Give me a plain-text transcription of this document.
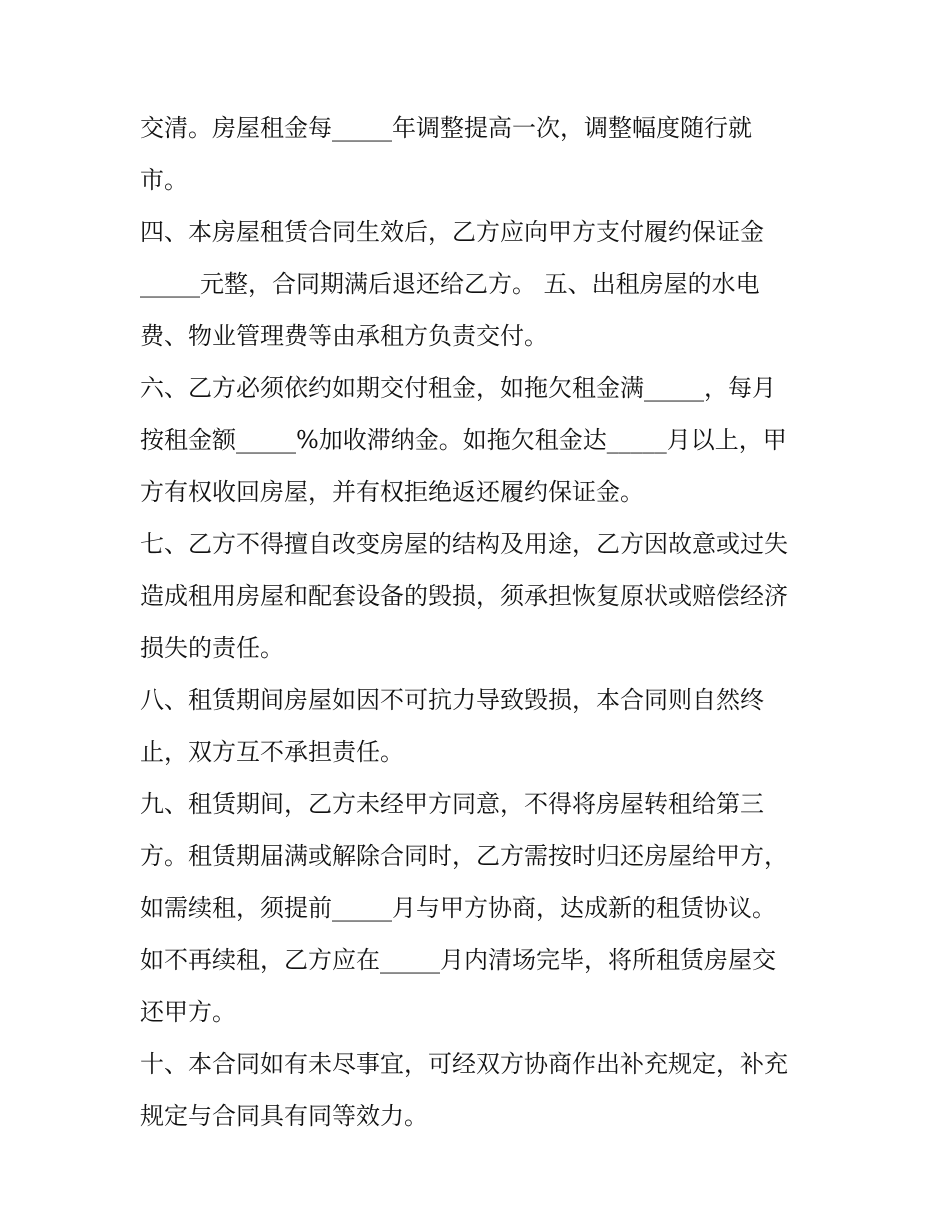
交清。房屋租金每_____年调整提高一次，调整幅度随行就
市。
四、本房屋租赁合同生效后，乙方应向甲方支付履约保证金
_____元整，合同期满后退还给乙方。 五、出租房屋的水电
费、物业管理费等由承租方负责交付。
六、乙方必须依约如期交付租金，如拖欠租金满_____，每月
按租金额_____%加收滞纳金。如拖欠租金达_____月以上，甲
方有权收回房屋，并有权拒绝返还履约保证金。
七、乙方不得擅自改变房屋的结构及用途，乙方因故意或过失
造成租用房屋和配套设备的毁损，须承担恢复原状或赔偿经济
损失的责任。
八、租赁期间房屋如因不可抗力导致毁损，本合同则自然终
止，双方互不承担责任。
九、租赁期间，乙方未经甲方同意，不得将房屋转租给第三
方。租赁期届满或解除合同时，乙方需按时归还房屋给甲方，
如需续租，须提前_____月与甲方协商，达成新的租赁协议。
如不再续租，乙方应在_____月内清场完毕，将所租赁房屋交
还甲方。
十、本合同如有未尽事宜，可经双方协商作出补充规定，补充
规定与合同具有同等效力。
